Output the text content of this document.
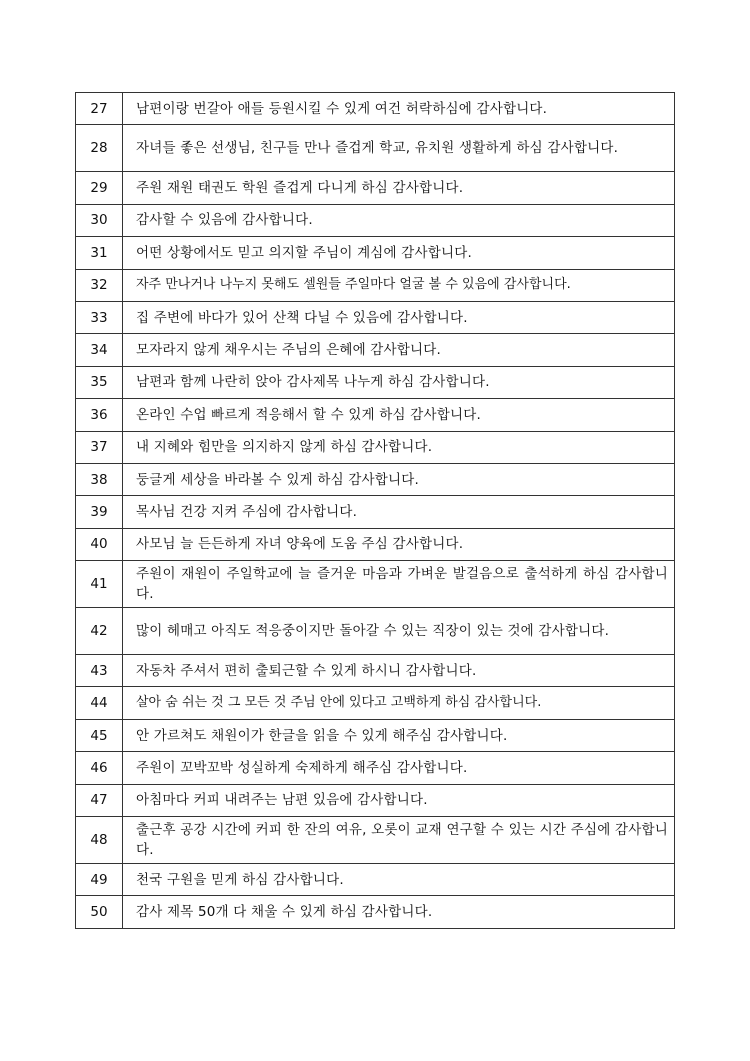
27	남편이랑 번갈아 애들 등원시킬 수 있게 여건 허락하심에 감사합니다.
28	자녀들 좋은 선생님, 친구들 만나 즐겁게 학교, 유치원 생활하게 하심 감사합니다.
29	주원 재원 태권도 학원 즐겁게 다니게 하심 감사합니다.
30	감사할 수 있음에 감사합니다.
31	어떤 상황에서도 믿고 의지할 주님이 계심에 감사합니다.
32	자주 만나거나 나누지 못해도 셀원들 주일마다 얼굴 볼 수 있음에 감사합니다.
33	집 주변에 바다가 있어 산책 다닐 수 있음에 감사합니다.
34	모자라지 않게 채우시는 주님의 은혜에 감사합니다.
35	남편과 함께 나란히 앉아 감사제목 나누게 하심 감사합니다.
36	온라인 수업 빠르게 적응해서 할 수 있게 하심 감사합니다.
37	내 지혜와 힘만을 의지하지 않게 하심 감사합니다.
38	둥글게 세상을 바라볼 수 있게 하심 감사합니다.
39	목사님 건강 지켜 주심에 감사합니다.
40	사모님 늘 든든하게 자녀 양육에 도움 주심 감사합니다.
41	주원이 재원이 주일학교에 늘 즐거운 마음과 가벼운 발걸음으로 출석하게 하심 감사합니다.
42	많이 헤매고 아직도 적응중이지만 돌아갈 수 있는 직장이 있는 것에 감사합니다.
43	자동차 주셔서 편히 출퇴근할 수 있게 하시니 감사합니다.
44	살아 숨 쉬는 것 그 모든 것 주님 안에 있다고 고백하게 하심 감사합니다.
45	안 가르쳐도 채원이가 한글을 읽을 수 있게 해주심 감사합니다.
46	주원이 꼬박꼬박 성실하게 숙제하게 해주심 감사합니다.
47	아침마다 커피 내려주는 남편 있음에 감사합니다.
48	출근후 공강 시간에 커피 한 잔의 여유, 오롯이 교재 연구할 수 있는 시간 주심에 감사합니다.
49	천국 구원을 믿게 하심 감사합니다.
50	감사 제목 50개 다 채울 수 있게 하심 감사합니다.
